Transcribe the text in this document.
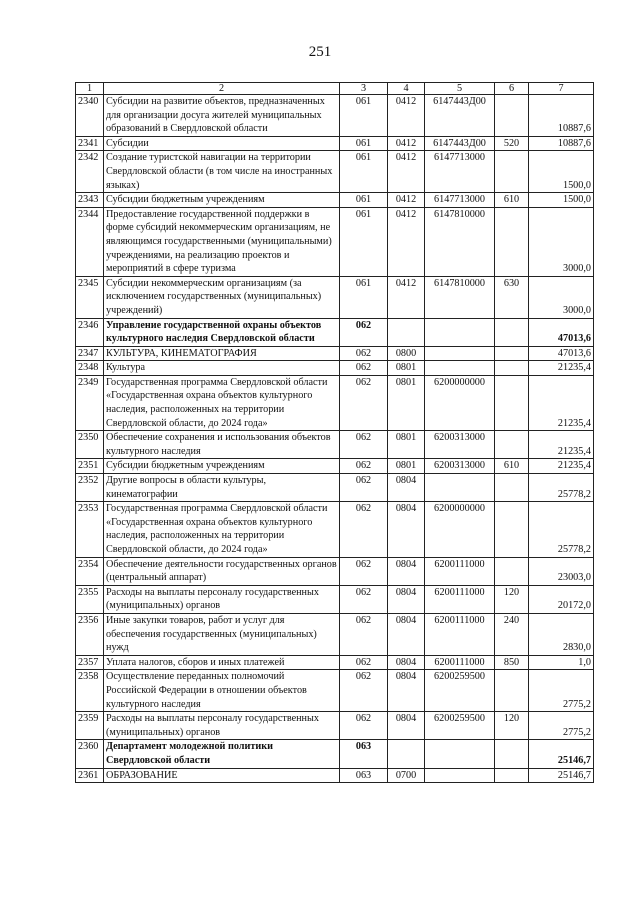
251
1	2	3	4	5	6	7
2340	Субсидии на развитие объектов, предназначенных для организации досуга жителей муниципальных образований в Свердловской области	061	0412	6147443Д00		10887,6
2341	Субсидии	061	0412	6147443Д00	520	10887,6
2342	Создание туристской навигации на территории Свердловской области (в том числе на иностранных языках)	061	0412	6147713000		1500,0
2343	Субсидии бюджетным учреждениям	061	0412	6147713000	610	1500,0
2344	Предоставление государственной поддержки в форме субсидий некоммерческим организациям, не являющимся государственными (муниципальными) учреждениями, на реализацию проектов и мероприятий в сфере туризма	061	0412	6147810000		3000,0
2345	Субсидии некоммерческим организациям (за исключением государственных (муниципальных) учреждений)	061	0412	6147810000	630	3000,0
2346	Управление государственной охраны объектов культурного наследия Свердловской области	062				47013,6
2347	КУЛЬТУРА, КИНЕМАТОГРАФИЯ	062	0800			47013,6
2348	Культура	062	0801			21235,4
2349	Государственная программа Свердловской области «Государственная охрана объектов культурного наследия, расположенных на территории Свердловской области, до 2024 года»	062	0801	6200000000		21235,4
2350	Обеспечение сохранения и использования объектов культурного наследия	062	0801	6200313000		21235,4
2351	Субсидии бюджетным учреждениям	062	0801	6200313000	610	21235,4
2352	Другие вопросы в области культуры, кинематографии	062	0804			25778,2
2353	Государственная программа Свердловской области «Государственная охрана объектов культурного наследия, расположенных на территории Свердловской области, до 2024 года»	062	0804	6200000000		25778,2
2354	Обеспечение деятельности государственных органов (центральный аппарат)	062	0804	6200111000		23003,0
2355	Расходы на выплаты персоналу государственных (муниципальных) органов	062	0804	6200111000	120	20172,0
2356	Иные закупки товаров, работ и услуг для обеспечения государственных (муниципальных) нужд	062	0804	6200111000	240	2830,0
2357	Уплата налогов, сборов и иных платежей	062	0804	6200111000	850	1,0
2358	Осуществление переданных полномочий Российской Федерации в отношении объектов культурного наследия	062	0804	6200259500		2775,2
2359	Расходы на выплаты персоналу государственных (муниципальных) органов	062	0804	6200259500	120	2775,2
2360	Департамент молодежной политики Свердловской области	063				25146,7
2361	ОБРАЗОВАНИЕ	063	0700			25146,7
